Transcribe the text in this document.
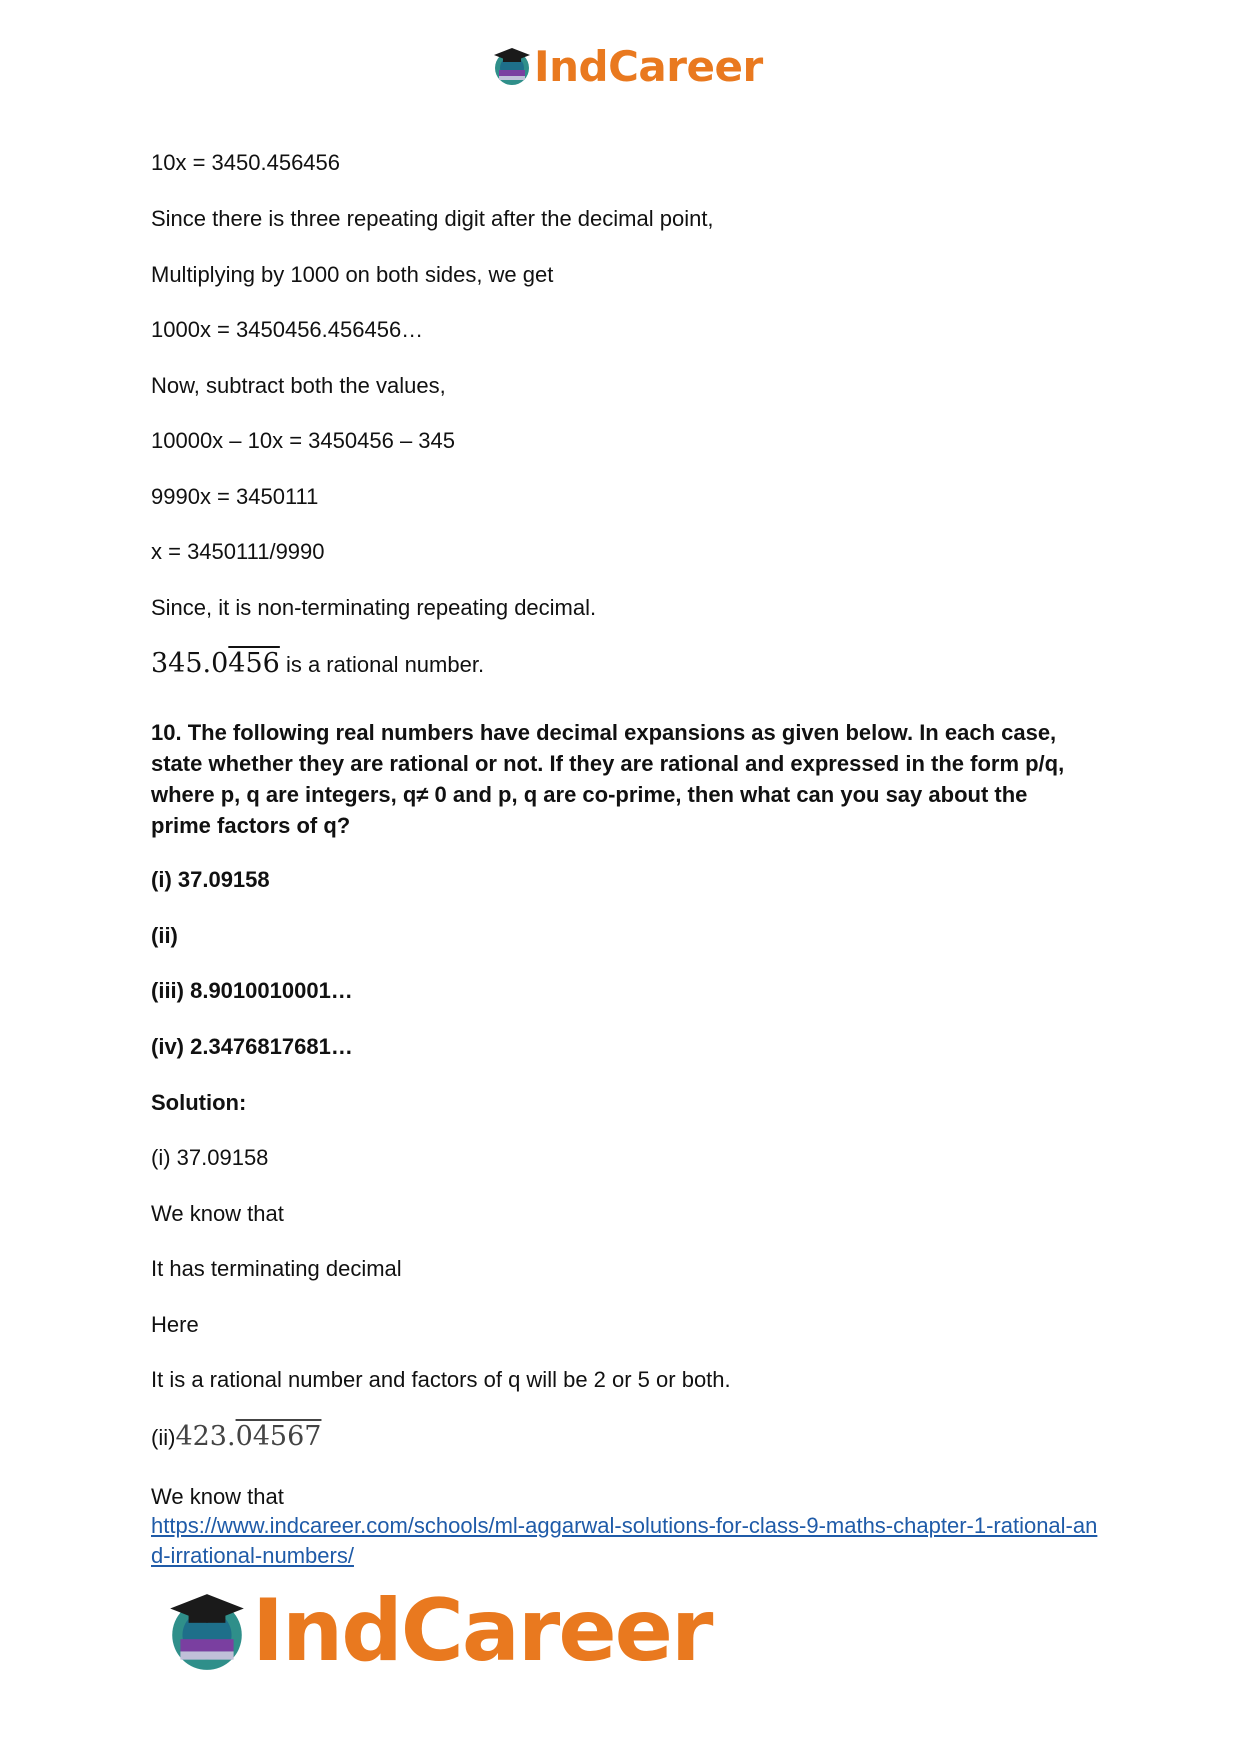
IndCareer
10x = 3450.456456
Since there is three repeating digit after the decimal point,
Multiplying by 1000 on both sides, we get
1000x = 3450456.456456…
Now, subtract both the values,
10000x – 10x = 3450456 – 345
9990x = 3450111
x = 3450111/9990
Since, it is non-terminating repeating decimal.
345.0456 is a rational number.
10. The following real numbers have decimal expansions as given below. In each case, state whether they are rational or not. If they are rational and expressed in the form p/q, where p, q are integers, q≠ 0 and p, q are co-prime, then what can you say about the prime factors of q?
(i) 37.09158
(ii)
(iii) 8.9010010001…
(iv) 2.3476817681…
Solution:
(i) 37.09158
We know that
It has terminating decimal
Here
It is a rational number and factors of q will be 2 or 5 or both.
(ii)423.04567
We know that
https://www.indcareer.com/schools/ml-aggarwal-solutions-for-class-9-maths-chapter-1-rational-and-irrational-numbers/
IndCareer
